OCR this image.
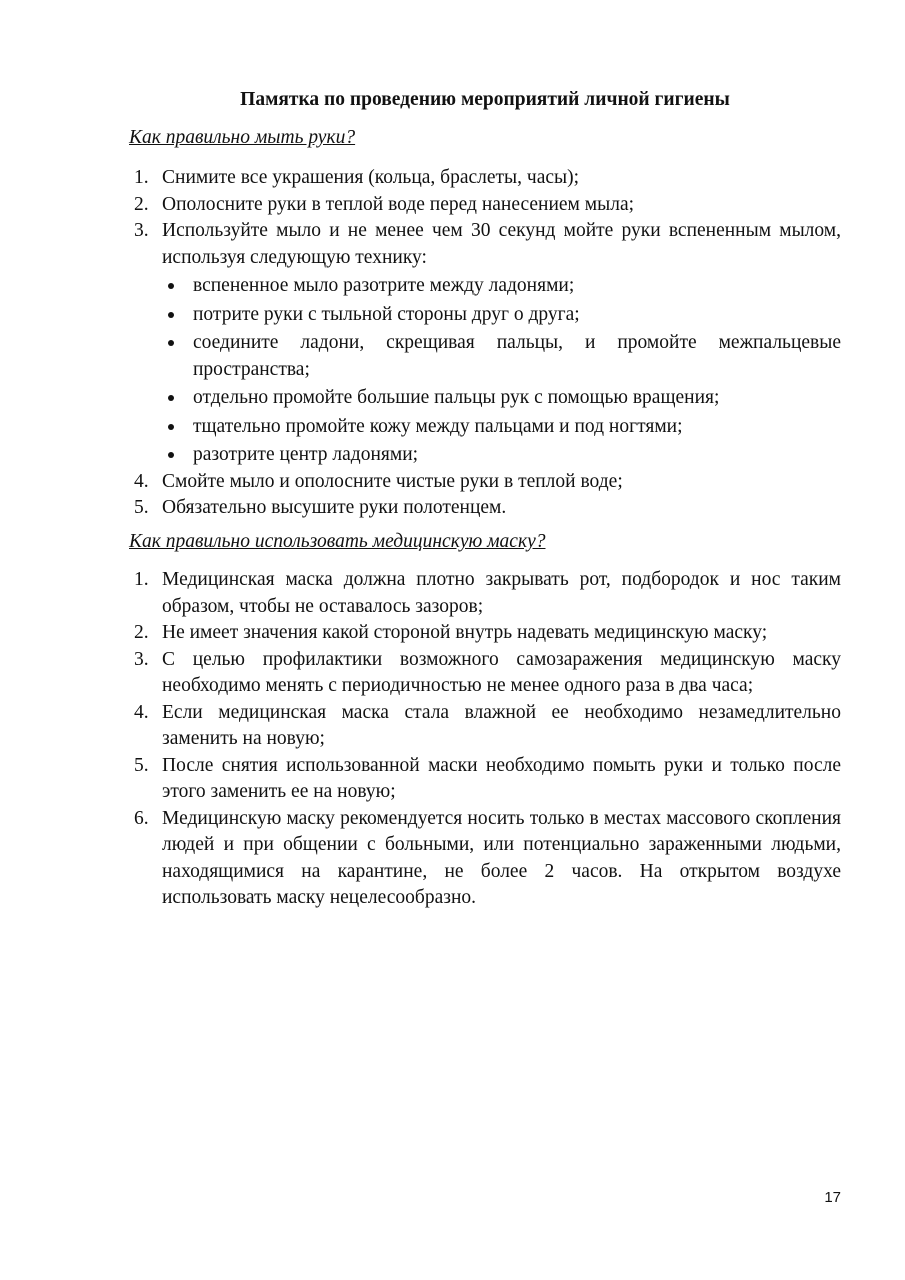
Памятка по проведению мероприятий личной гигиены
Как правильно мыть руки?
1. Снимите все украшения (кольца, браслеты, часы);
2. Ополосните руки в теплой воде перед нанесением мыла;
3. Используйте мыло и не менее чем 30 секунд мойте руки вспененным мылом, используя следующую технику:
вспененное мыло разотрите между ладонями;
потрите руки с тыльной стороны друг о друга;
соедините ладони, скрещивая пальцы, и промойте межпальцевые пространства;
отдельно промойте большие пальцы рук с помощью вращения;
тщательно промойте кожу между пальцами и под ногтями;
разотрите центр ладонями;
4. Смойте мыло и ополосните чистые руки в теплой воде;
5. Обязательно высушите руки полотенцем.
Как правильно использовать медицинскую маску?
1. Медицинская маска должна плотно закрывать рот, подбородок и нос таким образом, чтобы не оставалось зазоров;
2. Не имеет значения какой стороной внутрь надевать медицинскую маску;
3. С целью профилактики возможного самозаражения медицинскую маску необходимо менять с периодичностью не менее одного раза в два часа;
4. Если медицинская маска стала влажной ее необходимо незамедлительно заменить на новую;
5. После снятия использованной маски необходимо помыть руки и только после этого заменить ее на новую;
6. Медицинскую маску рекомендуется носить только в местах массового скопления людей и при общении с больными, или потенциально зараженными людьми, находящимися на карантине, не более 2 часов. На открытом воздухе использовать маску нецелесообразно.
17
